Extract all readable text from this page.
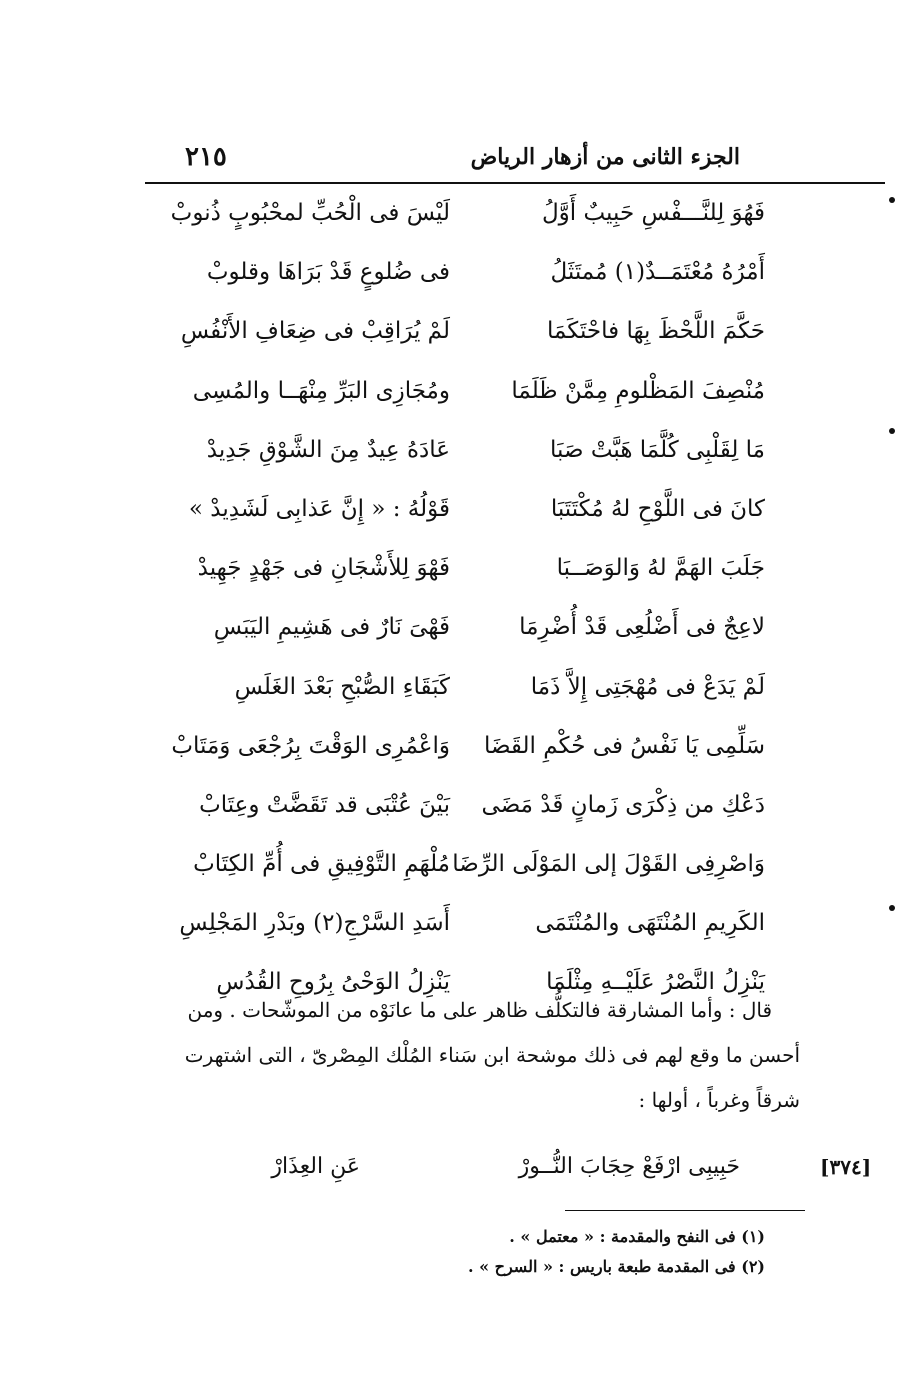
٢١٥	الجزء الثانى من أزهار الرياض
فَهُوَ لِلنَّـــفْسِ حَبِيبٌ أَوَّلُ
لَيْسَ فى الْحُبِّ لمحْبُوبٍ ذُنوبْ
أَمْرُهُ مُعْتَمَــدٌ(١) مُمتَثَلُ
فى ضُلوعٍ قَدْ بَرَاهَا وقلوبْ
حَكَّمَ اللَّحْظَ بِهَا فاحْتَكَمَا
لَمْ يُرَاقِبْ فى ضِعَافِ الأَنْفُسِ
مُنْصِفَ المَظْلومِ مِمَّنْ ظَلَمَا
ومُجَازِى البَرِّ مِنْهَــا والمُسِى
مَا لِقَلْبِى كُلَّمَا هَبَّتْ صَبَا
عَادَهُ عِيدٌ مِنَ الشَّوْقِ جَدِيدْ
كانَ فى اللَّوْحِ لهُ مُكْتَتَبَا
قَوْلُهُ : « إِنَّ عَذابِى لَشَدِيدْ »
جَلَبَ الهَمَّ لهُ وَالوَصَــبَا
فَهْوَ لِلأَشْجَانِ فى جَهْدٍ جَهِيدْ
لاعِجٌ فى أَضْلُعِى قَدْ أُضْرِمَا
فَهْىَ نَارٌ فى هَشِيمِ اليَبَسِ
لَمْ يَدَعْ فى مُهْجَتِى إِلاَّ ذَمَا
كَبَقَاءِ الصُّبْحِ بَعْدَ الغَلَسِ
سَلِّمِى يَا نَفْسُ فى حُكْمِ القَضَا
وَاعْمُرِى الوَقْتَ بِرُجْعَى وَمَتَابْ
دَعْكِ من ذِكْرَى زَمانٍ قَدْ مَضَى
بَيْنَ عُتْبَى قد تَقَضَّتْ وعِتَابْ
وَاصْرِفِى القَوْلَ إلى المَوْلَى الرِّضَا
مُلْهَمِ التَّوْفِيقِ فى أُمِّ الكِتَابْ
الكَرِيمِ المُنْتَهَى والمُنْتَمَى
أَسَدِ السَّرْجِ(٢) وبَدْرِ المَجْلِسِ
يَنْزِلُ النَّصْرُ عَلَيْــهِ مِثْلَمَا
يَنْزِلُ الوَحْىُ بِرُوحِ القُدُسِ
قال : وأما المشارقة فالتكلُّف ظاهر على ما عانَوْه من الموشّحات . ومن
أحسن ما وقع لهم فى ذلك موشحة ابن سَناء المُلْك المِصْرىّ ، التى اشتهرت
شرقاً وغرباً ، أولها :
حَبِيبِى ارْفَعْ حِجَابَ النُّــورْ
عَنِ العِذَارْ	[٣٧٤]
(١) فى النفح والمقدمة : « معتمل » .
(٢) فى المقدمة طبعة باريس : « السرح » .
